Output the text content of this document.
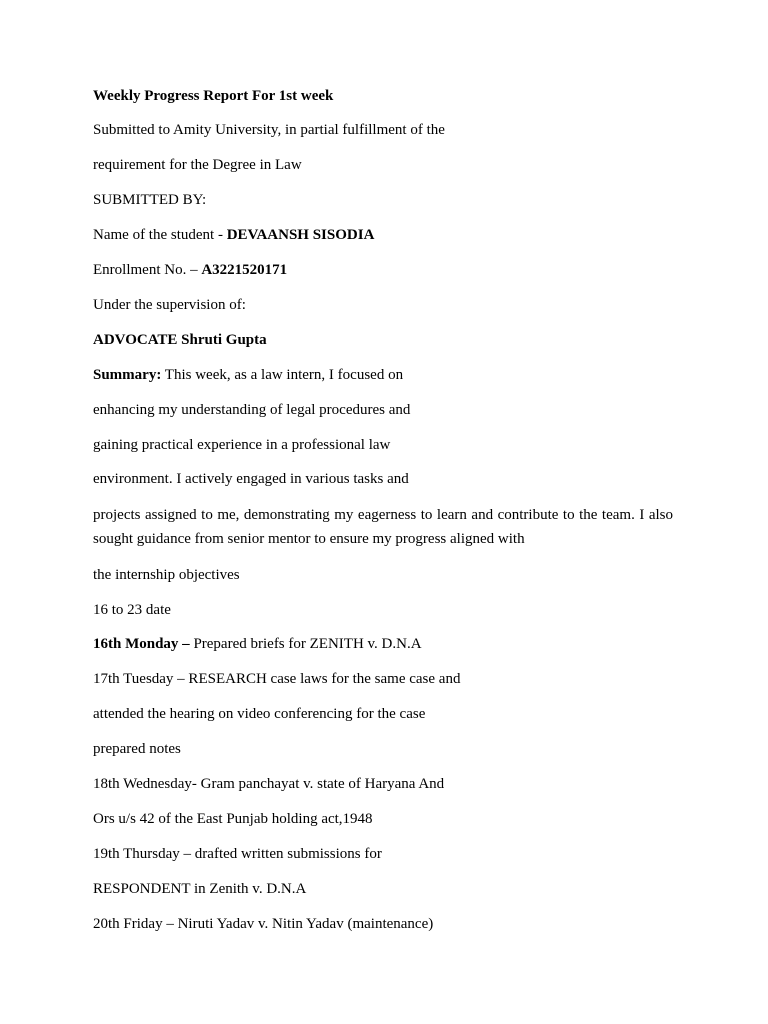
Weekly Progress Report For 1st week
Submitted to Amity University, in partial fulfillment of the
requirement for the Degree in Law
SUBMITTED BY:
Name of the student - DEVAANSH SISODIA
Enrollment No. – A3221520171
Under the supervision of:
ADVOCATE Shruti Gupta
Summary: This week, as a law intern, I focused on
enhancing my understanding of legal procedures and
gaining practical experience in a professional law
environment. I actively engaged in various tasks and
projects assigned to me, demonstrating my eagerness to learn and contribute to the team. I also sought guidance from senior mentor to ensure my progress aligned with
the internship objectives
16 to 23 date
16th Monday – Prepared briefs for ZENITH v. D.N.A
17th Tuesday – RESEARCH case laws for the same case and
attended the hearing on video conferencing for the case
prepared notes
18th Wednesday- Gram panchayat v. state of Haryana And
Ors u/s 42 of the East Punjab holding act,1948
19th Thursday – drafted written submissions for
RESPONDENT in Zenith v. D.N.A
20th Friday – Niruti Yadav v. Nitin Yadav (maintenance)
